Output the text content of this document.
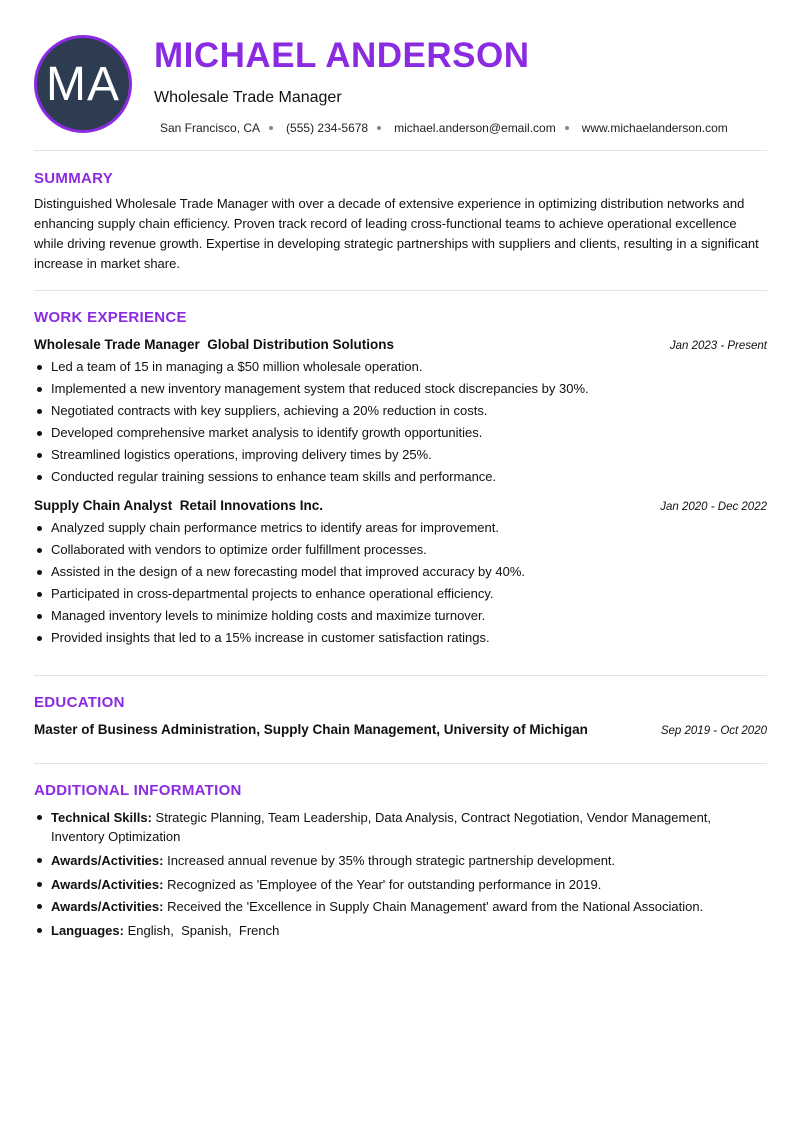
MA
MICHAEL ANDERSON
Wholesale Trade Manager
San Francisco, CA (555) 234-5678 michael.anderson@email.com www.michaelanderson.com
SUMMARY

Distinguished Wholesale Trade Manager with over a decade of extensive experience in optimizing distribution networks and enhancing supply chain efficiency. Proven track record of leading cross-functional teams to achieve operational excellence while driving revenue growth. Expertise in developing strategic partnerships with suppliers and clients, resulting in a significant increase in market share.

WORK EXPERIENCE
Wholesale Trade Manager  Global Distribution Solutions	Jan 2023 - Present
Led a team of 15 in managing a $50 million wholesale operation.
Implemented a new inventory management system that reduced stock discrepancies by 30%.
Negotiated contracts with key suppliers, achieving a 20% reduction in costs.
Developed comprehensive market analysis to identify growth opportunities.
Streamlined logistics operations, improving delivery times by 25%.
Conducted regular training sessions to enhance team skills and performance.
Supply Chain Analyst  Retail Innovations Inc.	Jan 2020 - Dec 2022
Analyzed supply chain performance metrics to identify areas for improvement.
Collaborated with vendors to optimize order fulfillment processes.
Assisted in the design of a new forecasting model that improved accuracy by 40%.
Participated in cross-departmental projects to enhance operational efficiency.
Managed inventory levels to minimize holding costs and maximize turnover.
Provided insights that led to a 15% increase in customer satisfaction ratings.
EDUCATION
Master of Business Administration, Supply Chain Management, University of Michigan	Sep 2019 - Oct 2020
ADDITIONAL INFORMATION
Technical Skills: Strategic Planning, Team Leadership, Data Analysis, Contract Negotiation, Vendor Management, Inventory Optimization
Awards/Activities: Increased annual revenue by 35% through strategic partnership development.
Awards/Activities: Recognized as 'Employee of the Year' for outstanding performance in 2019.
Awards/Activities: Received the 'Excellence in Supply Chain Management' award from the National Association.
Languages: English,  Spanish,  French
